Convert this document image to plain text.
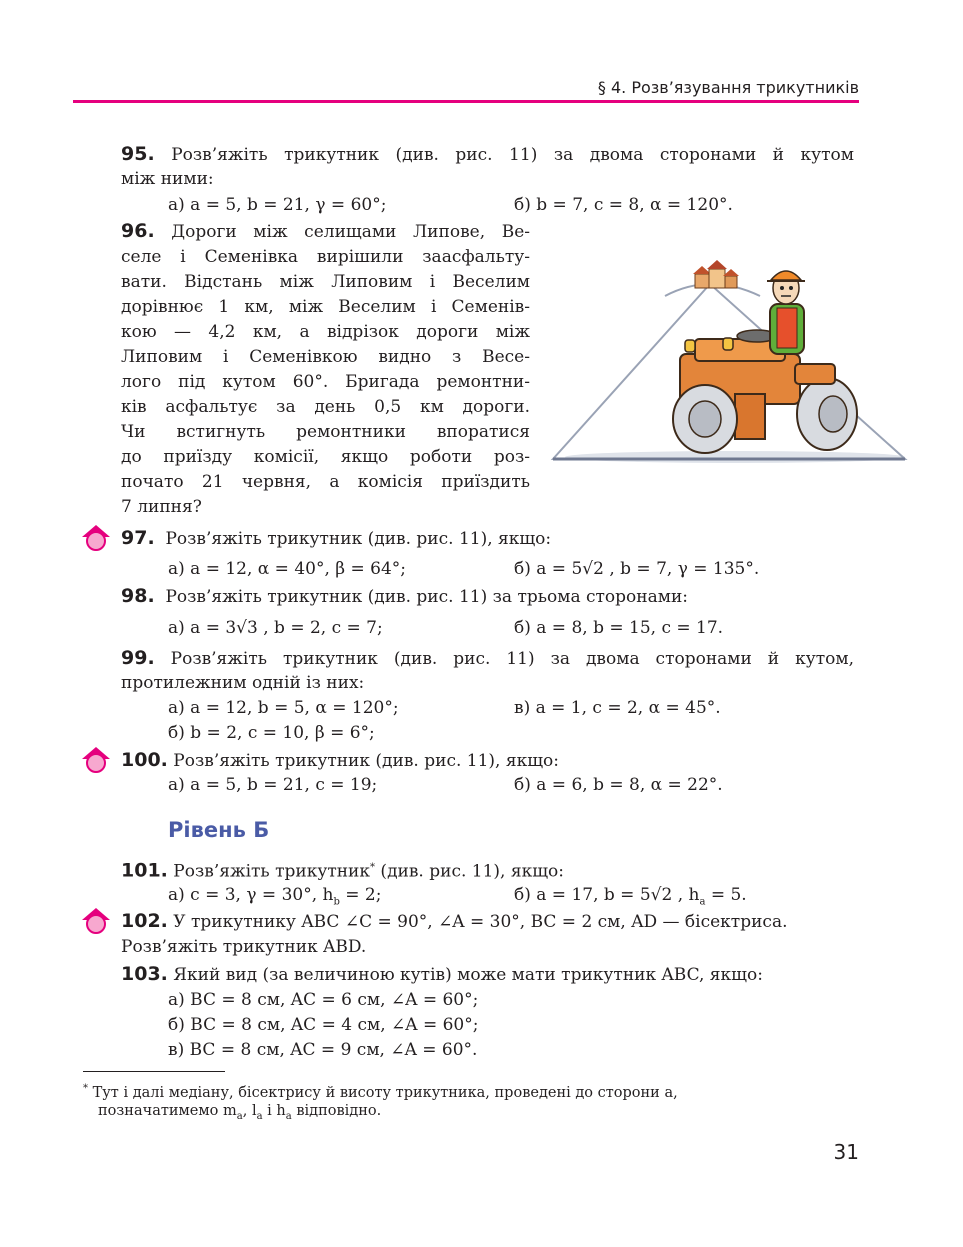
§ 4. Розв’язування трикутників
95. Розв’яжіть трикутник (див. рис. 11) за двома сторонами й кутом
між ними:
а) a = 5, b = 21, γ = 60°;	б) b = 7, c = 8, α = 120°.
96. Дороги між селищами Липове, Ве-
селе і Семенівка вирішили заасфальту-
вати. Відстань між Липовим і Веселим
дорівнює 1 км, між Веселим і Семенів-
кою — 4,2 км, а відрізок дороги між
Липовим і Семенівкою видно з Весе-
лого під кутом 60°. Бригада ремонтни-
ків асфальтує за день 0,5 км дороги.
Чи встигнуть ремонтники впоратися
до приїзду комісії, якщо роботи роз-
почато 21 червня, а комісія приїздить
7 липня?
97. Розв’яжіть трикутник (див. рис. 11), якщо:
а) a = 12, α = 40°, β = 64°;	б) a = 5√2 , b = 7, γ = 135°.
98. Розв’яжіть трикутник (див. рис. 11) за трьома сторонами:
а) a = 3√3 , b = 2, c = 7;	б) a = 8, b = 15, c = 17.
99. Розв’яжіть трикутник (див. рис. 11) за двома сторонами й кутом,
протилежним одній із них:
а) a = 12, b = 5, α = 120°;	в) a = 1, c = 2, α = 45°.
б) b = 2, c = 10, β = 6°;
100. Розв’яжіть трикутник (див. рис. 11), якщо:
а) a = 5, b = 21, c = 19;	б) a = 6, b = 8, α = 22°.
Рівень Б
101. Розв’яжіть трикутник* (див. рис. 11), якщо:
а) c = 3, γ = 30°, $h_b = 2$;	б) a = 17, b = 5√2 , $h_a = 5$.
102. У трикутнику ABC ∠C = 90°, ∠A = 30°, BC = 2 см, AD — бісектриса.
Розв’яжіть трикутник ABD.
103. Який вид (за величиною кутів) може мати трикутник ABC, якщо:
а) BC = 8 см, AC = 6 см, ∠A = 60°;
б) BC = 8 см, AC = 4 см, ∠A = 60°;
в) BC = 8 см, AC = 9 см, ∠A = 60°.
* Тут і далі медіану, бісектрису й висоту трикутника, проведені до сторони a,
позначатимемо $m_a$, $l_a$ і $h_a$ відповідно.
31
